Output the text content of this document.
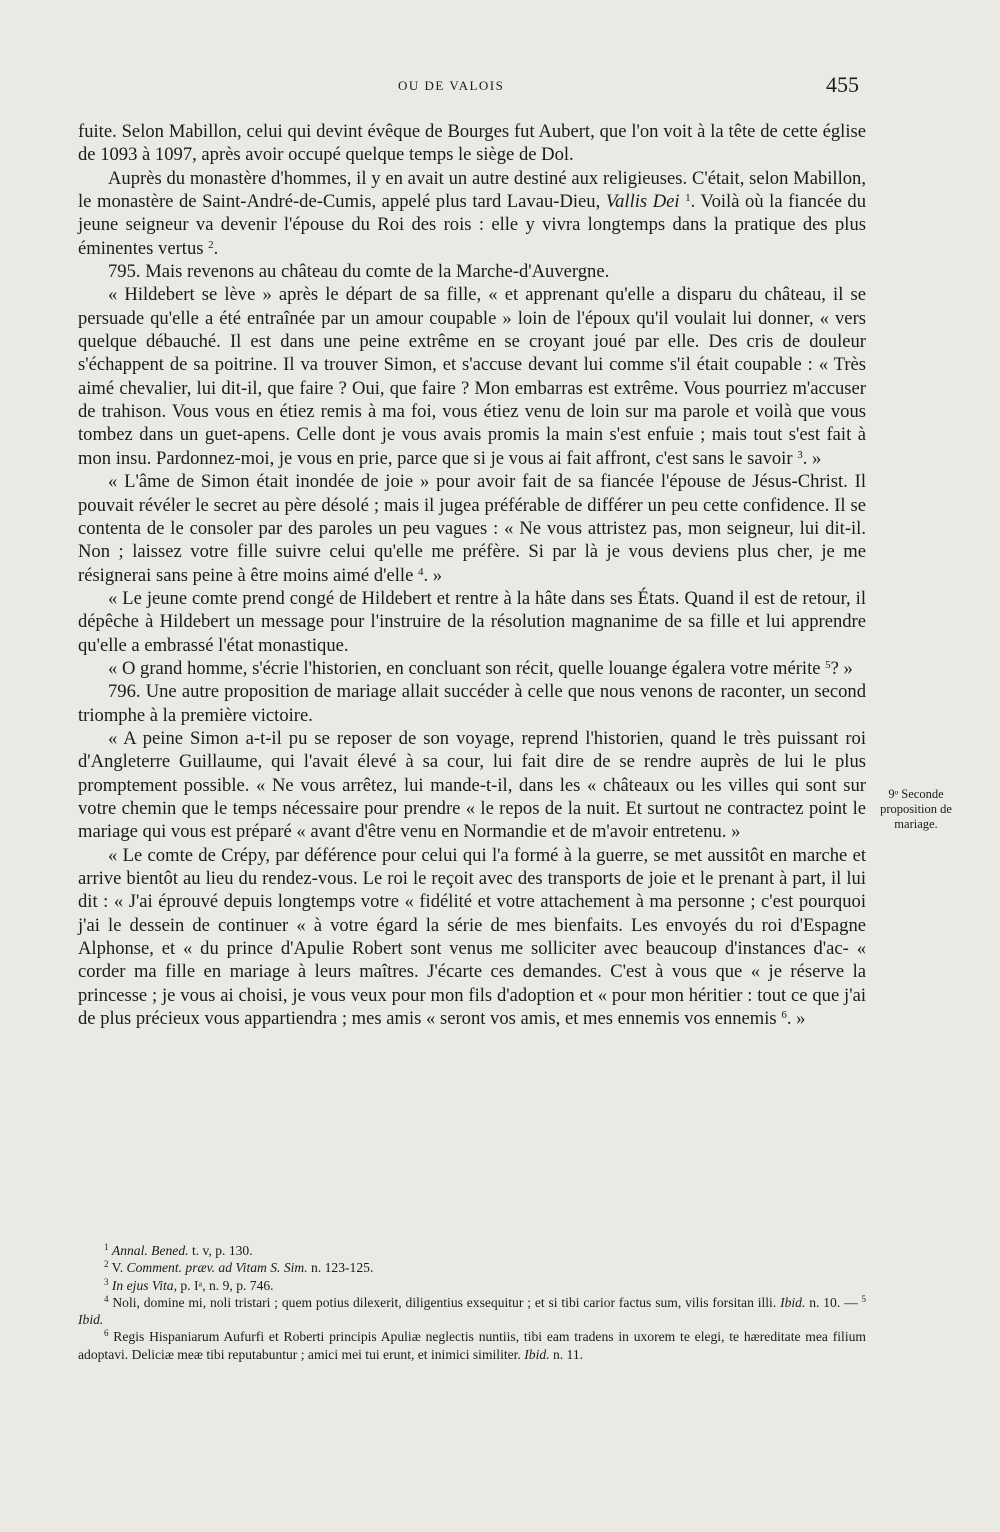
OU DE VALOIS	455

fuite. Selon Mabillon, celui qui devint évêque de Bourges fut Aubert, que l'on voit à la tête de cette église de 1093 à 1097, après avoir occupé quelque temps le siège de Dol.

Auprès du monastère d'hommes, il y en avait un autre destiné aux religieuses. C'était, selon Mabillon, le monastère de Saint-André-de-Cumis, appelé plus tard Lavau-Dieu, Vallis Dei $^1$. Voilà où la fiancée du jeune seigneur va devenir l'épouse du Roi des rois : elle y vivra longtemps dans la pratique des plus éminentes vertus $^2$.

795. Mais revenons au château du comte de la Marche-d'Auvergne.

« Hildebert se lève » après le départ de sa fille, « et apprenant qu'elle a disparu du château, il se persuade qu'elle a été entraînée par un amour coupable » loin de l'époux qu'il voulait lui donner, « vers quelque débauché. Il est dans une peine extrême en se croyant joué par elle. Des cris de douleur s'échappent de sa poitrine. Il va trouver Simon, et s'accuse devant lui comme s'il était coupable : « Très aimé chevalier, lui dit-il, que faire ? Oui, que faire ? Mon embarras est extrême. Vous pourriez m'accuser de trahison. Vous vous en étiez remis à ma foi, vous étiez venu de loin sur ma parole et voilà que vous tombez dans un guet-apens. Celle dont je vous avais promis la main s'est enfuie ; mais tout s'est fait à mon insu. Pardonnez-moi, je vous en prie, parce que si je vous ai fait affront, c'est sans le savoir $^3$. »

« L'âme de Simon était inondée de joie » pour avoir fait de sa fiancée l'épouse de Jésus-Christ. Il pouvait révéler le secret au père désolé ; mais il jugea préférable de différer un peu cette confidence. Il se contenta de le consoler par des paroles un peu vagues : « Ne vous attristez pas, mon seigneur, lui dit-il. Non ; laissez votre fille suivre celui qu'elle me préfère. Si par là je vous deviens plus cher, je me résignerai sans peine à être moins aimé d'elle $^4$. »

« Le jeune comte prend congé de Hildebert et rentre à la hâte dans ses États. Quand il est de retour, il dépêche à Hildebert un message pour l'instruire de la résolution magnanime de sa fille et lui apprendre qu'elle a embrassé l'état monastique.

« O grand homme, s'écrie l'historien, en concluant son récit, quelle louange égalera votre mérite $^5$? »

796. Une autre proposition de mariage allait succéder à celle que nous venons de raconter, un second triomphe à la première victoire.

« A peine Simon a-t-il pu se reposer de son voyage, reprend l'historien, quand le très puissant roi d'Angleterre Guillaume, qui l'avait élevé à sa cour, lui fait dire de se rendre auprès de lui le plus promptement possible. « Ne vous arrêtez, lui mande-t-il, dans les « châteaux ou les villes qui sont sur votre chemin que le temps nécessaire pour prendre « le repos de la nuit. Et surtout ne contractez point le mariage qui vous est préparé « avant d'être venu en Normandie et de m'avoir entretenu. »

« Le comte de Crépy, par déférence pour celui qui l'a formé à la guerre, se met aussitôt en marche et arrive bientôt au lieu du rendez-vous. Le roi le reçoit avec des transports de joie et le prenant à part, il lui dit : « J'ai éprouvé depuis longtemps votre « fidélité et votre attachement à ma personne ; c'est pourquoi j'ai le dessein de continuer « à votre égard la série de mes bienfaits. Les envoyés du roi d'Espagne Alphonse, et « du prince d'Apulie Robert sont venus me solliciter avec beaucoup d'instances d'ac- « corder ma fille en mariage à leurs maîtres. J'écarte ces demandes. C'est à vous que « je réserve la princesse ; je vous ai choisi, je vous veux pour mon fils d'adoption et « pour mon héritier : tout ce que j'ai de plus précieux vous appartiendra ; mes amis « seront vos amis, et mes ennemis vos ennemis $^6$. »

9ᵒ Seconde proposition de mariage.

$^1$ Annal. Bened. t. v, p. 130.

$^2$ V. Comment. præv. ad Vitam S. Sim. n. 123-125.

$^3$ In ejus Vita, p. Iᵃ, n. 9, p. 746.

$^4$ Noli, domine mi, noli tristari ; quem potius dilexerit, diligentius exsequitur ; et si tibi carior factus sum, vilis forsitan illi. Ibid. n. 10. — $^5$ Ibid.

$^6$ Regis Hispaniarum Aufurfi et Roberti principis Apuliæ neglectis nuntiis, tibi eam tradens in uxorem te elegi, te hæreditate mea filium adoptavi. Deliciæ meæ tibi reputabuntur ; amici mei tui erunt, et inimici similiter. Ibid. n. 11.
